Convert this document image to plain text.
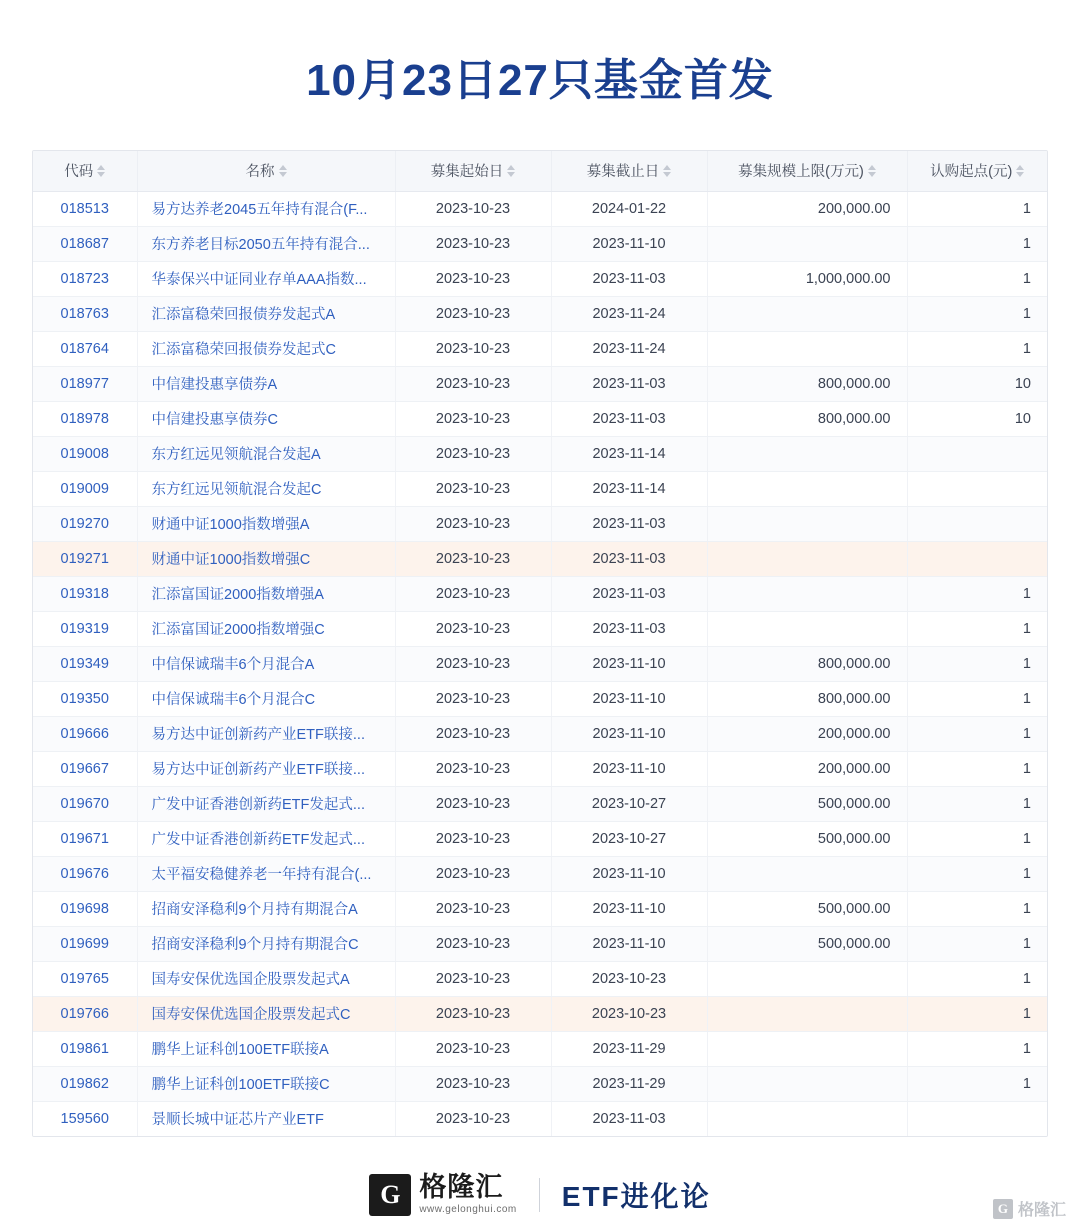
10月23日27只基金首发
代码	名称	募集起始日	募集截止日	募集规模上限(万元)	认购起点(元)

018513	易方达养老2045五年持有混合(F...	2023-10-23	2024-01-22	200,000.00	1
018687	东方养老目标2050五年持有混合...	2023-10-23	2023-11-10		1
018723	华泰保兴中证同业存单AAA指数...	2023-10-23	2023-11-03	1,000,000.00	1
018763	汇添富稳荣回报债券发起式A	2023-10-23	2023-11-24		1
018764	汇添富稳荣回报债券发起式C	2023-10-23	2023-11-24		1
018977	中信建投惠享债券A	2023-10-23	2023-11-03	800,000.00	10
018978	中信建投惠享债券C	2023-10-23	2023-11-03	800,000.00	10
019008	东方红远见领航混合发起A	2023-10-23	2023-11-14		
019009	东方红远见领航混合发起C	2023-10-23	2023-11-14		
019270	财通中证1000指数增强A	2023-10-23	2023-11-03		
019271	财通中证1000指数增强C	2023-10-23	2023-11-03		
019318	汇添富国证2000指数增强A	2023-10-23	2023-11-03		1
019319	汇添富国证2000指数增强C	2023-10-23	2023-11-03		1
019349	中信保诚瑞丰6个月混合A	2023-10-23	2023-11-10	800,000.00	1
019350	中信保诚瑞丰6个月混合C	2023-10-23	2023-11-10	800,000.00	1
019666	易方达中证创新药产业ETF联接...	2023-10-23	2023-11-10	200,000.00	1
019667	易方达中证创新药产业ETF联接...	2023-10-23	2023-11-10	200,000.00	1
019670	广发中证香港创新药ETF发起式...	2023-10-23	2023-10-27	500,000.00	1
019671	广发中证香港创新药ETF发起式...	2023-10-23	2023-10-27	500,000.00	1
019676	太平福安稳健养老一年持有混合(...	2023-10-23	2023-11-10		1
019698	招商安泽稳利9个月持有期混合A	2023-10-23	2023-11-10	500,000.00	1
019699	招商安泽稳利9个月持有期混合C	2023-10-23	2023-11-10	500,000.00	1
019765	国寿安保优选国企股票发起式A	2023-10-23	2023-10-23		1
019766	国寿安保优选国企股票发起式C	2023-10-23	2023-10-23		1
019861	鹏华上证科创100ETF联接A	2023-10-23	2023-11-29		1
019862	鹏华上证科创100ETF联接C	2023-10-23	2023-11-29		1
159560	景顺长城中证芯片产业ETF	2023-10-23	2023-11-03		
G 格隆汇
www.gelonghui.com ETF进化论	G 格隆汇
